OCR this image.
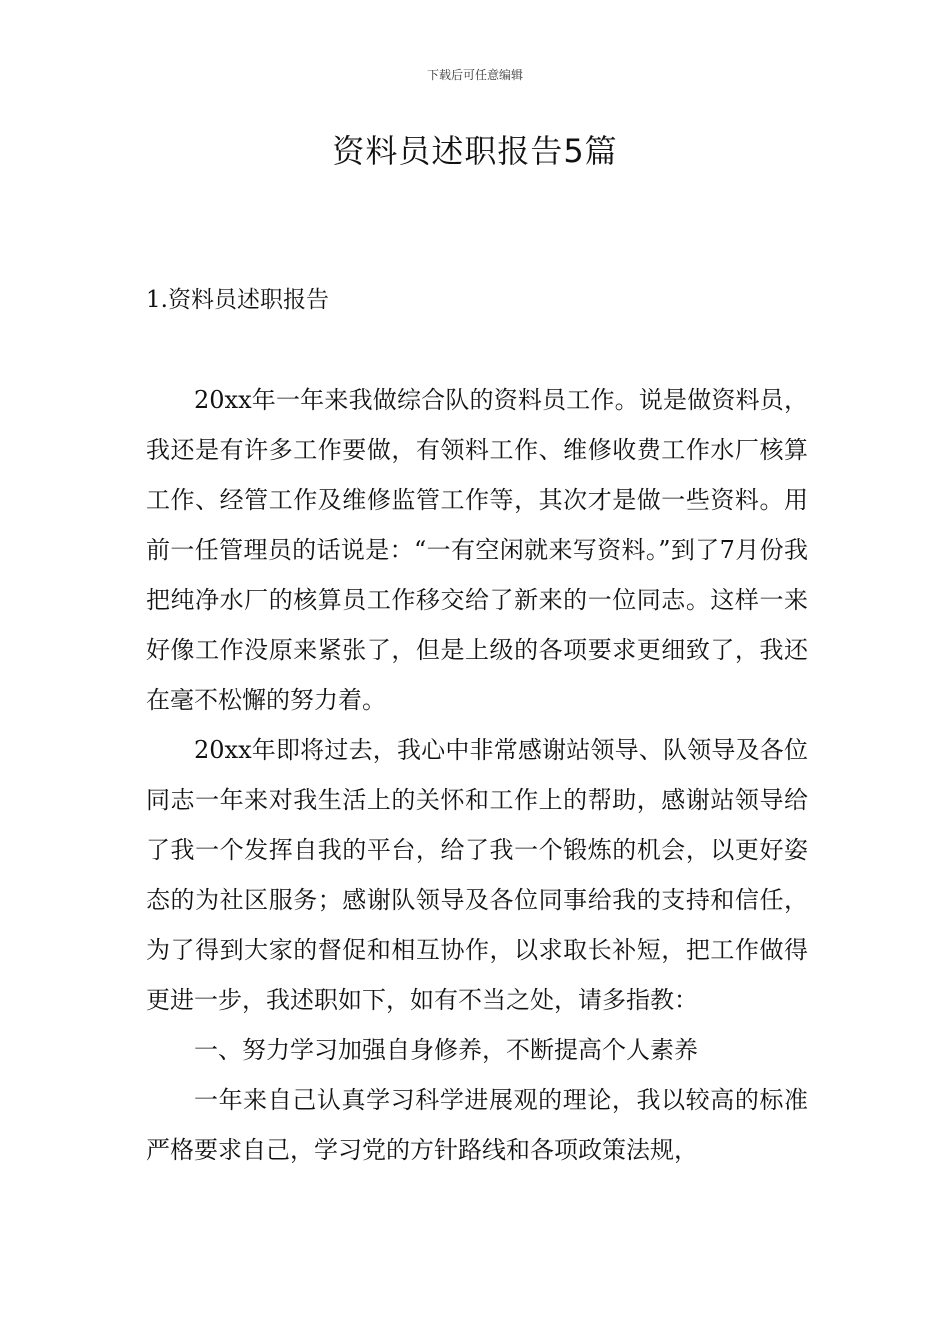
下载后可任意编辑
资料员述职报告5篇
1.资料员述职报告

20xx年一年来我做综合队的资料员工作。说是做资料员，我还是有许多工作要做，有领料工作、维修收费工作水厂核算工作、经管工作及维修监管工作等，其次才是做一些资料。用前一任管理员的话说是：“一有空闲就来写资料。”到了7月份我把纯净水厂的核算员工作移交给了新来的一位同志。这样一来好像工作没原来紧张了，但是上级的各项要求更细致了，我还在毫不松懈的努力着。

20xx年即将过去，我心中非常感谢站领导、队领导及各位同志一年来对我生活上的关怀和工作上的帮助，感谢站领导给了我一个发挥自我的平台，给了我一个锻炼的机会，以更好姿态的为社区服务；感谢队领导及各位同事给我的支持和信任，为了得到大家的督促和相互协作，以求取长补短，把工作做得更进一步，我述职如下，如有不当之处，请多指教：

一、努力学习加强自身修养，不断提高个人素养

一年来自己认真学习科学进展观的理论，我以较高的标准严格要求自己，学习党的方针路线和各项政策法规，
